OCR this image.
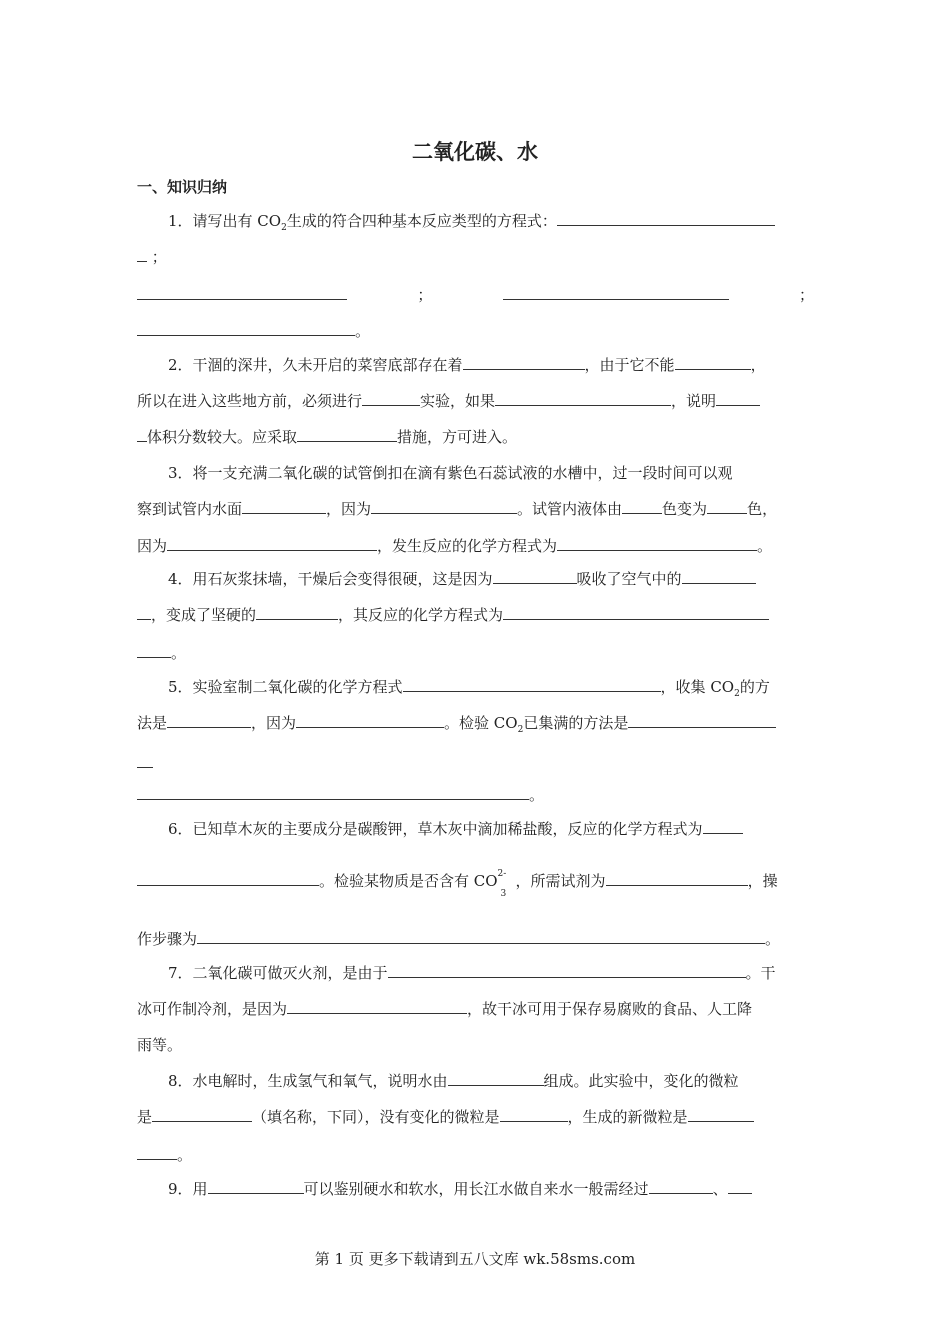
二氧化碳、水
一、知识归纳
1．请写出有 $CO_2$生成的符合四种基本反应类型的方程式：
；
；	；
。
2．干涸的深井，久未开启的菜窖底部存在着	，由于它不能	，
所以在进入这些地方前，必须进行	实验，如果	，说明
体积分数较大。应采取	措施，方可进入。
3．将一支充满二氧化碳的试管倒扣在滴有紫色石蕊试液的水槽中，过一段时间可以观
察到试管内水面	，因为	。试管内液体由	色变为	色，
因为	，发生反应的化学方程式为	。
4．用石灰浆抹墙，干燥后会变得很硬，这是因为	吸收了空气中的
，变成了坚硬的	，其反应的化学方程式为
。
5．实验室制二氧化碳的化学方程式	，收集 $CO_2$的方
法是	，因为	。检验 $CO_2$已集满的方法是
。
6．已知草木灰的主要成分是碳酸钾，草木灰中滴加稀盐酸，反应的化学方程式为
。检验某物质是否含有 CO 2-
3
，所需试剂为	，操
作步骤为	。
7．二氧化碳可做灭火剂，是由于	。干
冰可作制冷剂，是因为	，故干冰可用于保存易腐败的食品、人工降
雨等。
8．水电解时，生成氢气和氧气，说明水由	组成。此实验中，变化的微粒
是	（填名称，下同），没有变化的微粒是	，生成的新微粒是
。
9．用	可以鉴别硬水和软水，用长江水做自来水一般需经过	、
第 1 页 更多下载请到五八文库 wk.58sms.com
